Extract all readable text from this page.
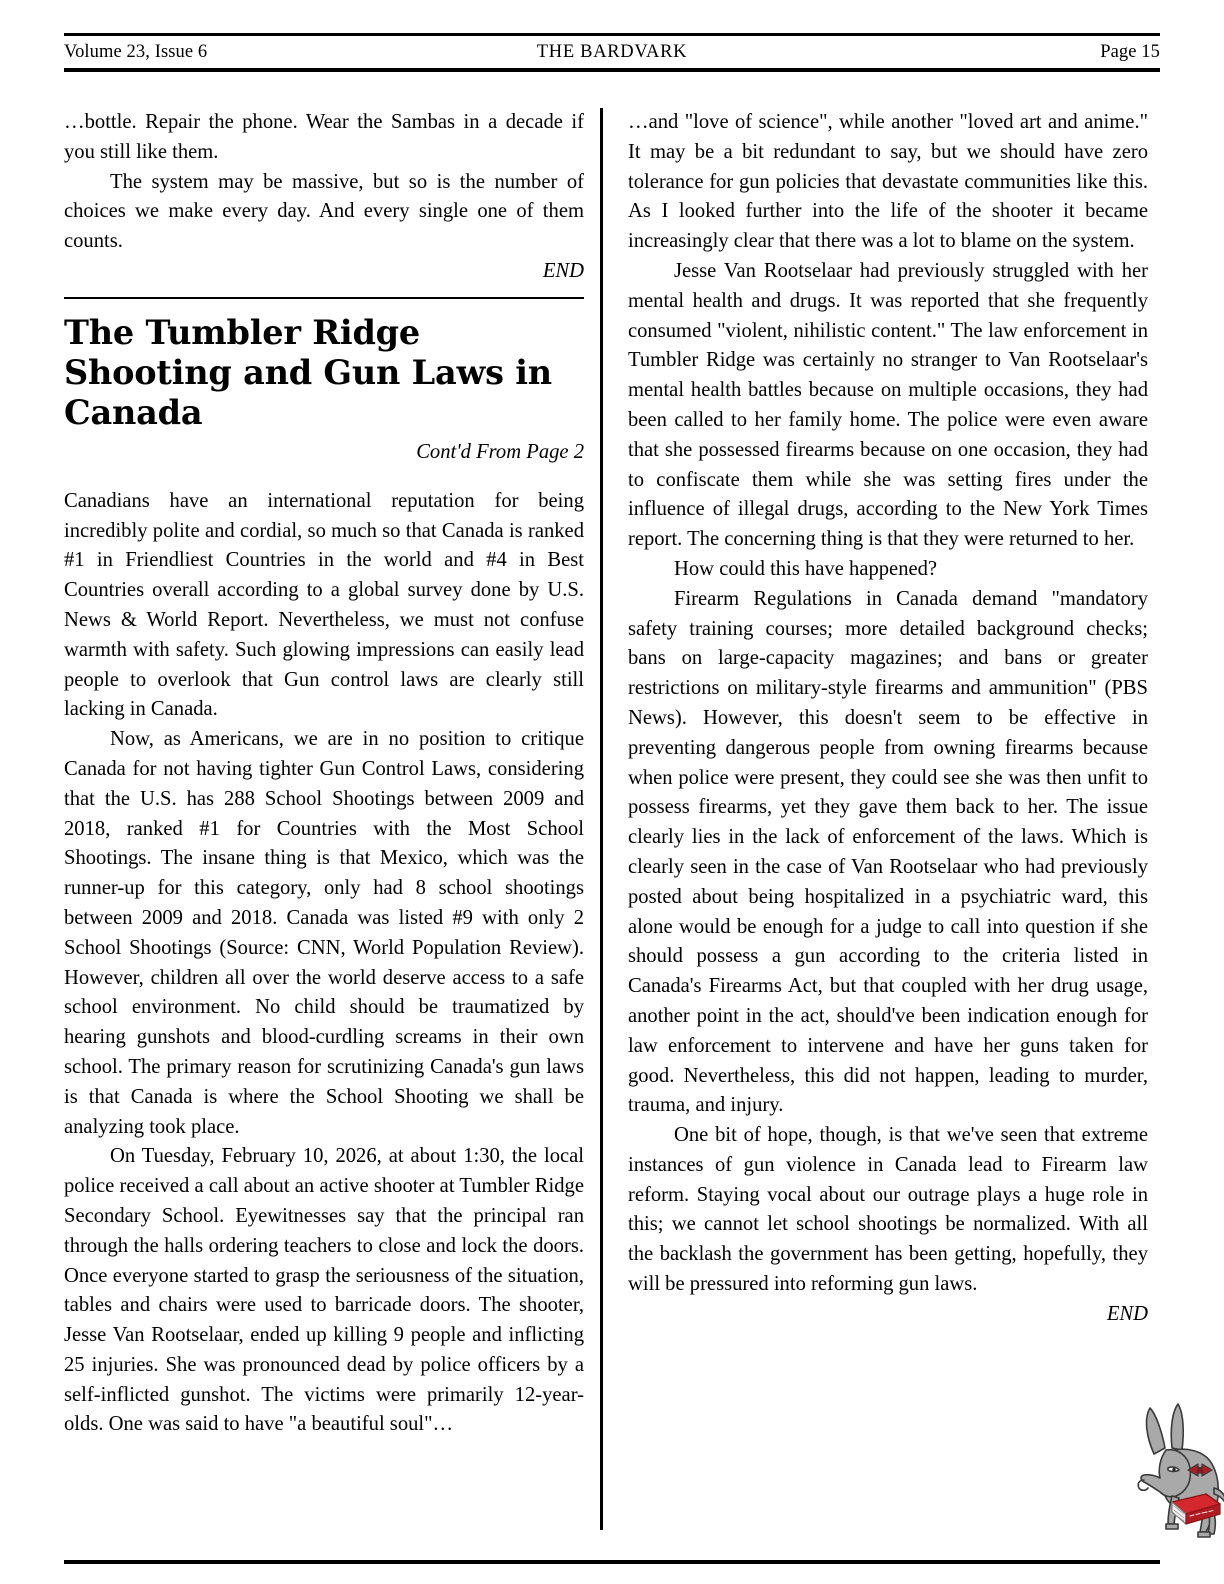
Volume 23, Issue 6	THE BARDVARK	Page 15

…bottle. Repair the phone. Wear the Sambas in a decade if you still like them.

The system may be massive, but so is the number of choices we make every day. And every single one of them counts.

END

The Tumbler Ridge Shooting and Gun Laws in Canada

Cont'd From Page 2

Canadians have an international reputation for being incredibly polite and cordial, so much so that Canada is ranked #1 in Friendliest Countries in the world and #4 in Best Countries overall according to a global survey done by U.S. News & World Report. Nevertheless, we must not confuse warmth with safety. Such glowing impressions can easily lead people to overlook that Gun control laws are clearly still lacking in Canada.

Now, as Americans, we are in no position to critique Canada for not having tighter Gun Control Laws, considering that the U.S. has 288 School Shootings between 2009 and 2018, ranked #1 for Countries with the Most School Shootings. The insane thing is that Mexico, which was the runner-up for this category, only had 8 school shootings between 2009 and 2018. Canada was listed #9 with only 2 School Shootings (Source: CNN, World Population Review). However, children all over the world deserve access to a safe school environment. No child should be traumatized by hearing gunshots and blood-curdling screams in their own school. The primary reason for scrutinizing Canada's gun laws is that Canada is where the School Shooting we shall be analyzing took place.

On Tuesday, February 10, 2026, at about 1:30, the local police received a call about an active shooter at Tumbler Ridge Secondary School. Eyewitnesses say that the principal ran through the halls ordering teachers to close and lock the doors. Once everyone started to grasp the seriousness of the situation, tables and chairs were used to barricade doors. The shooter, Jesse Van Rootselaar, ended up killing 9 people and inflicting 25 injuries. She was pronounced dead by police officers by a self-inflicted gunshot. The victims were primarily 12-year-olds. One was said to have "a beautiful soul"…

…and "love of science", while another "loved art and anime." It may be a bit redundant to say, but we should have zero tolerance for gun policies that devastate communities like this. As I looked further into the life of the shooter it became increasingly clear that there was a lot to blame on the system.

Jesse Van Rootselaar had previously struggled with her mental health and drugs. It was reported that she frequently consumed "violent, nihilistic content." The law enforcement in Tumbler Ridge was certainly no stranger to Van Rootselaar's mental health battles because on multiple occasions, they had been called to her family home. The police were even aware that she possessed firearms because on one occasion, they had to confiscate them while she was setting fires under the influence of illegal drugs, according to the New York Times report. The concerning thing is that they were returned to her.

How could this have happened?

Firearm Regulations in Canada demand "mandatory safety training courses; more detailed background checks; bans on large-capacity magazines; and bans or greater restrictions on military-style firearms and ammunition" (PBS News). However, this doesn't seem to be effective in preventing dangerous people from owning firearms because when police were present, they could see she was then unfit to possess firearms, yet they gave them back to her. The issue clearly lies in the lack of enforcement of the laws. Which is clearly seen in the case of Van Rootselaar who had previously posted about being hospitalized in a psychiatric ward, this alone would be enough for a judge to call into question if she should possess a gun according to the criteria listed in Canada's Firearms Act, but that coupled with her drug usage, another point in the act, should've been indication enough for law enforcement to intervene and have her guns taken for good. Nevertheless, this did not happen, leading to murder, trauma, and injury.

One bit of hope, though, is that we've seen that extreme instances of gun violence in Canada lead to Firearm law reform. Staying vocal about our outrage plays a huge role in this; we cannot let school shootings be normalized. With all the backlash the government has been getting, hopefully, they will be pressured into reforming gun laws.

END
